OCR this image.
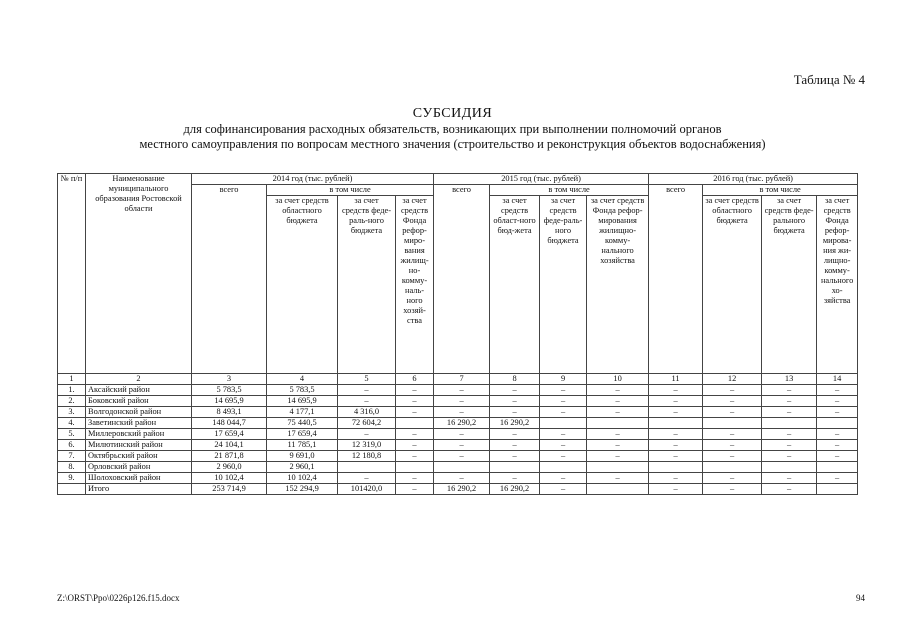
Таблица № 4
СУБСИДИЯ
для софинансирования расходных обязательств, возникающих при выполнении полномочий органов
местного самоуправления по вопросам местного значения (строительство и реконструкция объектов водоснабжения)
№ п/п	Наименование муниципального образования Ростовской области	2014 год (тыс. рублей)				2015 год (тыс. рублей)				2016 год (тыс. рублей)			
		всего	в том числе			всего	в том числе			всего	в том числе		
			за счет средств областного бюджета	за счет средств феде-раль-ного бюджета	за счет средств Фонда рефор-миро-вания жилищ-но-комму-наль-ного хозяй-ства		за счет средств област-ного бюд-жета	за счет средств феде-раль-ного бюджета	за счет средств Фонда рефор-мирования жилищно-комму-нального хозяйства		за счет средств областного бюджета	за счет средств феде-рального бюджета	за счет средств Фонда рефор-мирова-ния жи-лищно-комму-нального хо-зяйства
1	2	3	4	5	6	7	8	9	10	11	12	13	14
1.	Аксайский район	5 783,5	5 783,5	–	–	–	–	–	–	–	–	–	–
2.	Боковский район	14 695,9	14 695,9	–	–	–	–	–	–	–	–	–	–
3.	Волгодонской район	8 493,1	4 177,1	4 316,0	–	–	–	–	–	–	–	–	–
4.	Заветинский район	148 044,7	75 440,5	72 604,2		16 290,2	16 290,2						
5.	Миллеровский район	17 659,4	17 659,4	–	–	–	–	–	–	–	–	–	–
6.	Милютинский район	24 104,1	11 785,1	12 319,0	–	–	–	–	–	–	–	–	–
7.	Октябрьский район	21 871,8	9 691,0	12 180,8	–	–	–	–	–	–	–	–	–
8.	Орловский район	2 960,0	2 960,1										
9.	Шолоховский район	10 102,4	10 102,4	–	–	–	–	–	–	–	–	–	–
	Итого	253 714,9	152 294,9	101420,0	–	16 290,2	16 290,2	–		–	–	–	
Z:\ORST\Ppo\0226p126.f15.docx	94
